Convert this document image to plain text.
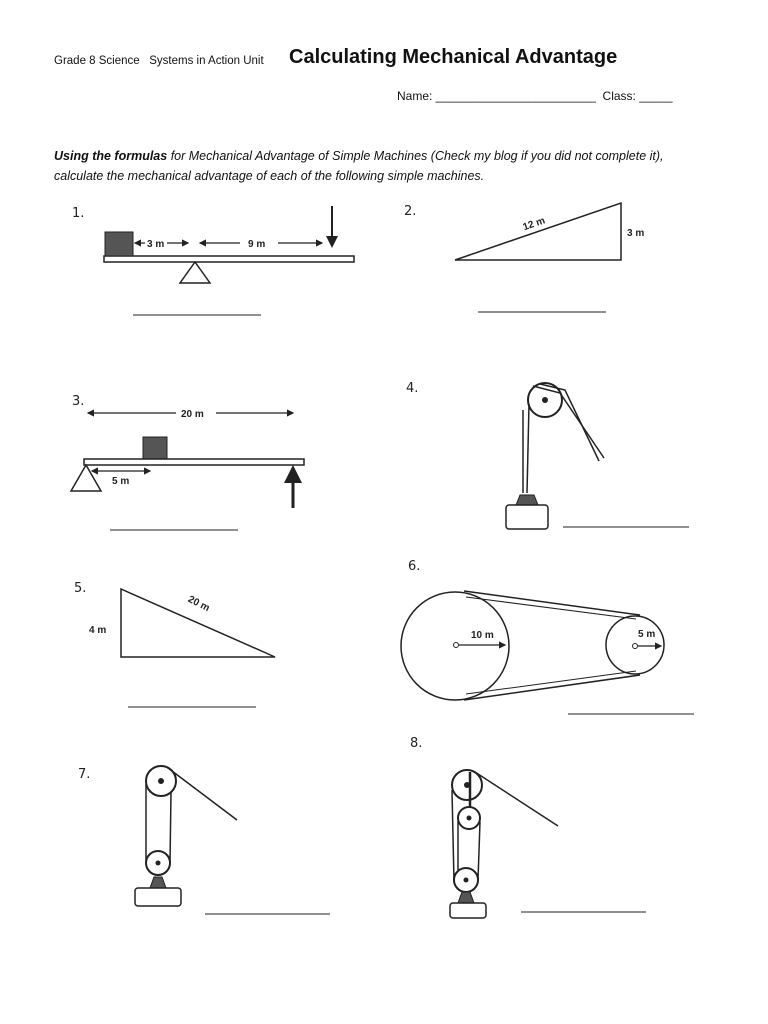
Grade 8 Science   Systems in Action Unit Calculating Mechanical Advantage
Name: ________________________ Class: _____
Using the formulas for Mechanical Advantage of Simple Machines (Check my blog if you did not complete it), calculate the mechanical advantage of each of the following simple machines.
1.
3 m	9 m
2.
12 m
3 m
3.
20 m
5 m
4.
5.
4 m
20 m
6.
10 m	5 m
7.
8.
